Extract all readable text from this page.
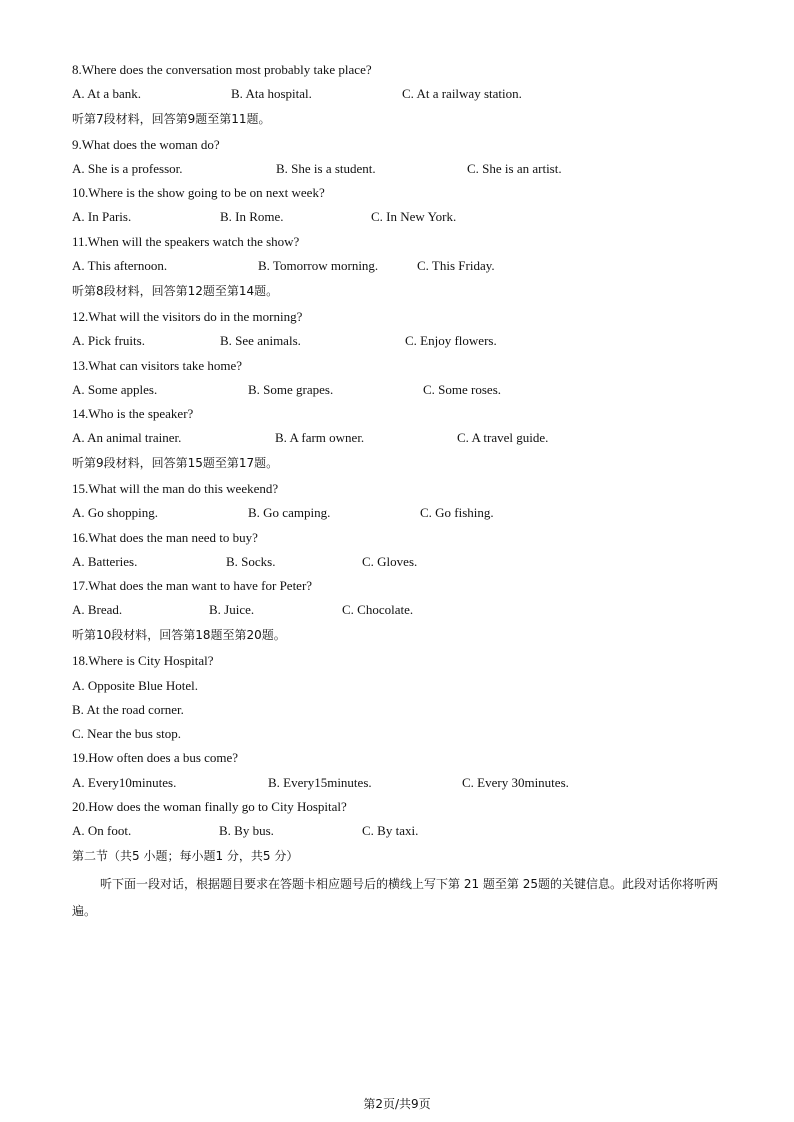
8.Where does the conversation most probably take place?
A. At a bank.	B. Ata hospital.	C. At a railway station.
听第7段材料，回答第9题至第11题。
9.What does the woman do?
A. She is a professor.	B. She is a student.	C. She is an artist.
10.Where is the show going to be on next week?
A. In Paris.	B. In Rome.	C. In New York.
11.When will the speakers watch the show?
A. This afternoon.	B. Tomorrow morning.	C. This Friday.
听第8段材料，回答第12题至第14题。
12.What will the visitors do in the morning?
A. Pick fruits.	B. See animals.	C. Enjoy flowers.
13.What can visitors take home?
A. Some apples.	B. Some grapes.	C. Some roses.
14.Who is the speaker?
A. An animal trainer.	B. A farm owner.	C. A travel guide.
听第9段材料，回答第15题至第17题。
15.What will the man do this weekend?
A. Go shopping.	B. Go camping.	C. Go fishing.
16.What does the man need to buy?
A. Batteries.	B. Socks.	C. Gloves.
17.What does the man want to have for Peter?
A. Bread.	B. Juice.	C. Chocolate.
听第10段材料，回答第18题至第20题。
18.Where is City Hospital?
A. Opposite Blue Hotel.
B. At the road corner.
C. Near the bus stop.
19.How often does a bus come?
A. Every10minutes.	B. Every15minutes.	C. Every 30minutes.
20.How does the woman finally go to City Hospital?
A. On foot.	B. By bus.	C. By taxi.
第二节（共5 小题；每小题1 分，共5 分）
听下面一段对话，根据题目要求在答题卡相应题号后的横线上写下第 21 题至第 25题的关键信息。此段对话你将听两遍。
第2页/共9页
